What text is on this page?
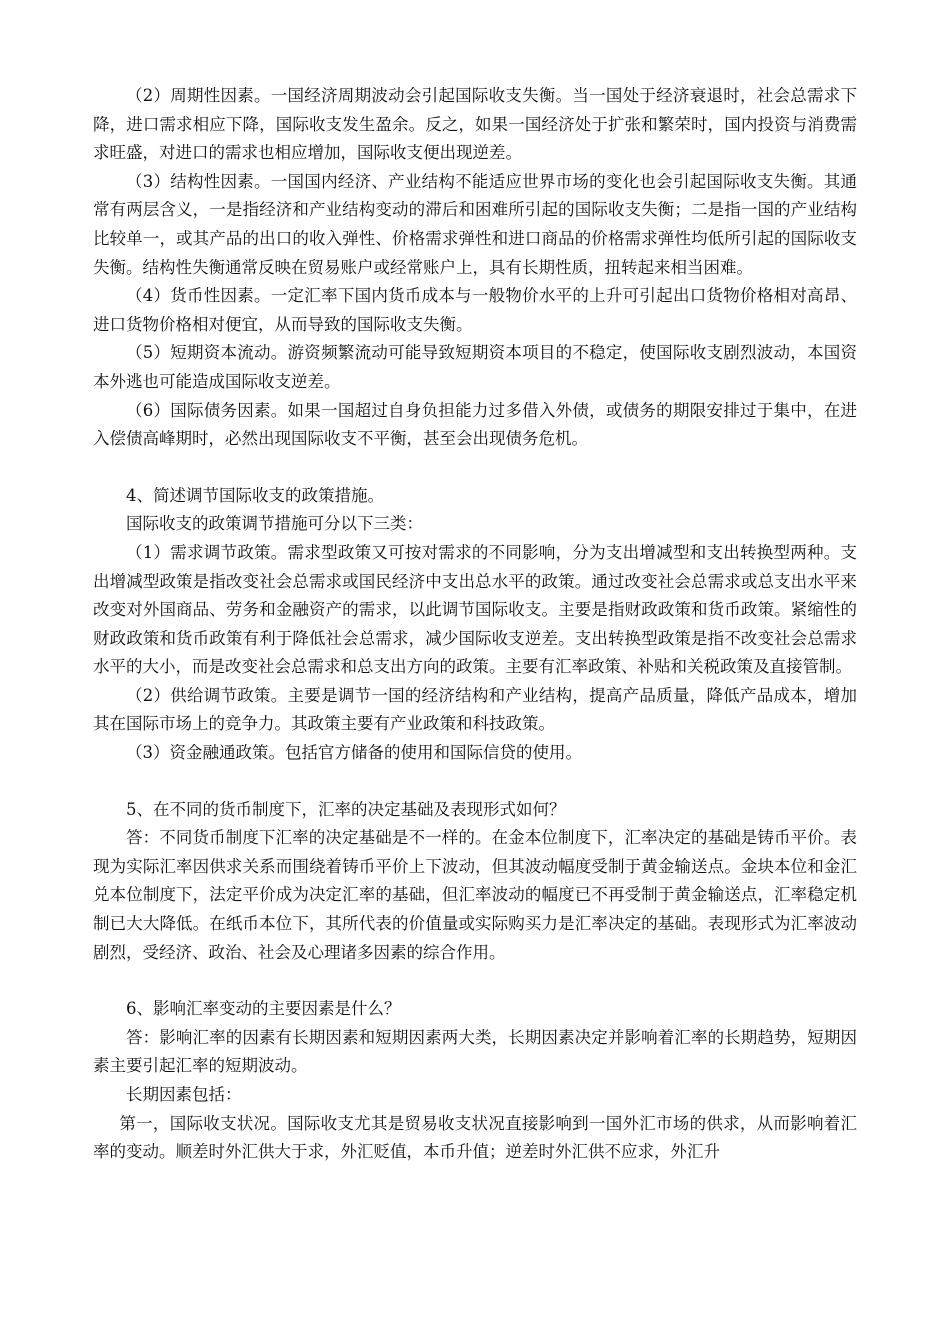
（2）周期性因素。一国经济周期波动会引起国际收支失衡。当一国处于经济衰退时，社会总需求下降，进口需求相应下降，国际收支发生盈余。反之，如果一国经济处于扩张和繁荣时，国内投资与消费需求旺盛，对进口的需求也相应增加，国际收支便出现逆差。

（3）结构性因素。一国国内经济、产业结构不能适应世界市场的变化也会引起国际收支失衡。其通常有两层含义，一是指经济和产业结构变动的滞后和困难所引起的国际收支失衡；二是指一国的产业结构比较单一，或其产品的出口的收入弹性、价格需求弹性和进口商品的价格需求弹性均低所引起的国际收支失衡。结构性失衡通常反映在贸易账户或经常账户上，具有长期性质，扭转起来相当困难。

（4）货币性因素。一定汇率下国内货币成本与一般物价水平的上升可引起出口货物价格相对高昂、进口货物价格相对便宜，从而导致的国际收支失衡。

（5）短期资本流动。游资频繁流动可能导致短期资本项目的不稳定，使国际收支剧烈波动，本国资本外逃也可能造成国际收支逆差。

（6）国际债务因素。如果一国超过自身负担能力过多借入外债，或债务的期限安排过于集中，在进入偿债高峰期时，必然出现国际收支不平衡，甚至会出现债务危机。

4、简述调节国际收支的政策措施。

国际收支的政策调节措施可分以下三类：

（1）需求调节政策。需求型政策又可按对需求的不同影响，分为支出增减型和支出转换型两种。支出增减型政策是指改变社会总需求或国民经济中支出总水平的政策。通过改变社会总需求或总支出水平来改变对外国商品、劳务和金融资产的需求，以此调节国际收支。主要是指财政政策和货币政策。紧缩性的财政政策和货币政策有利于降低社会总需求，减少国际收支逆差。支出转换型政策是指不改变社会总需求水平的大小，而是改变社会总需求和总支出方向的政策。主要有汇率政策、补贴和关税政策及直接管制。

（2）供给调节政策。主要是调节一国的经济结构和产业结构，提高产品质量，降低产品成本，增加其在国际市场上的竞争力。其政策主要有产业政策和科技政策。

（3）资金融通政策。包括官方储备的使用和国际信贷的使用。

5、在不同的货币制度下，汇率的决定基础及表现形式如何？

答：不同货币制度下汇率的决定基础是不一样的。在金本位制度下，汇率决定的基础是铸币平价。表现为实际汇率因供求关系而围绕着铸币平价上下波动，但其波动幅度受制于黄金输送点。金块本位和金汇兑本位制度下，法定平价成为决定汇率的基础，但汇率波动的幅度已不再受制于黄金输送点，汇率稳定机制已大大降低。在纸币本位下，其所代表的价值量或实际购买力是汇率决定的基础。表现形式为汇率波动剧烈，受经济、政治、社会及心理诸多因素的综合作用。

6、影响汇率变动的主要因素是什么？

答：影响汇率的因素有长期因素和短期因素两大类，长期因素决定并影响着汇率的长期趋势，短期因素主要引起汇率的短期波动。

长期因素包括：

第一，国际收支状况。国际收支尤其是贸易收支状况直接影响到一国外汇市场的供求，从而影响着汇率的变动。顺差时外汇供大于求，外汇贬值，本币升值；逆差时外汇供不应求，外汇升
